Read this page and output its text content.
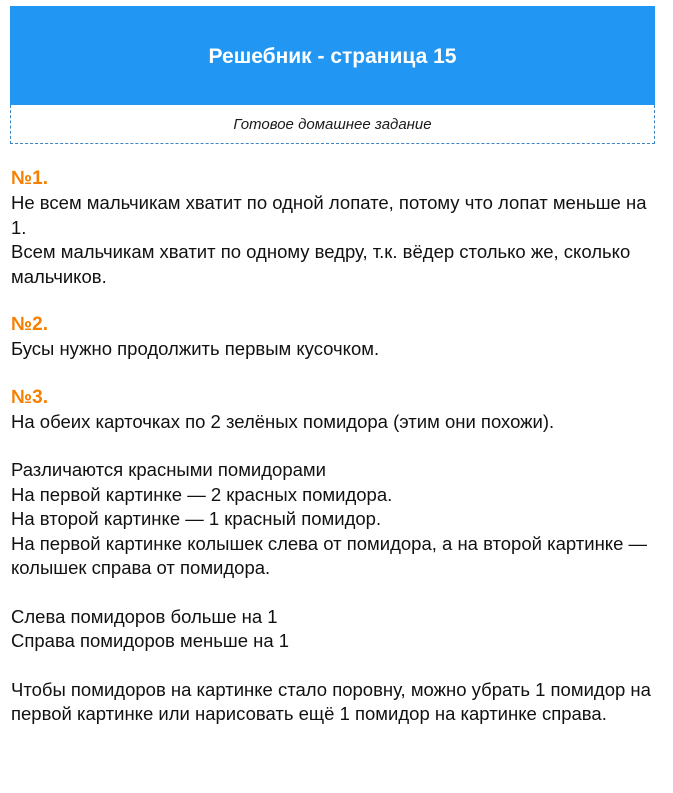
Решебник - страница 15
Готовое домашнее задание
№1.

Не всем мальчикам хватит по одной лопате, потому что лопат меньше на 1.

Всем мальчикам хватит по одному ведру, т.к. вёдер столько же, сколько мальчиков.

№2.

Бусы нужно продолжить первым кусочком.

№3.

На обеих карточках по 2 зелёных помидора (этим они похожи).

Различаются красными помидорами

На первой картинке — 2 красных помидора.

На второй картинке — 1 красный помидор.

На первой картинке колышек слева от помидора, а на второй картинке — колышек справа от помидора.

Слева помидоров больше на 1

Справа помидоров меньше на 1

Чтобы помидоров на картинке стало поровну, можно убрать 1 помидор на первой картинке или нарисовать ещё 1 помидор на картинке справа.
